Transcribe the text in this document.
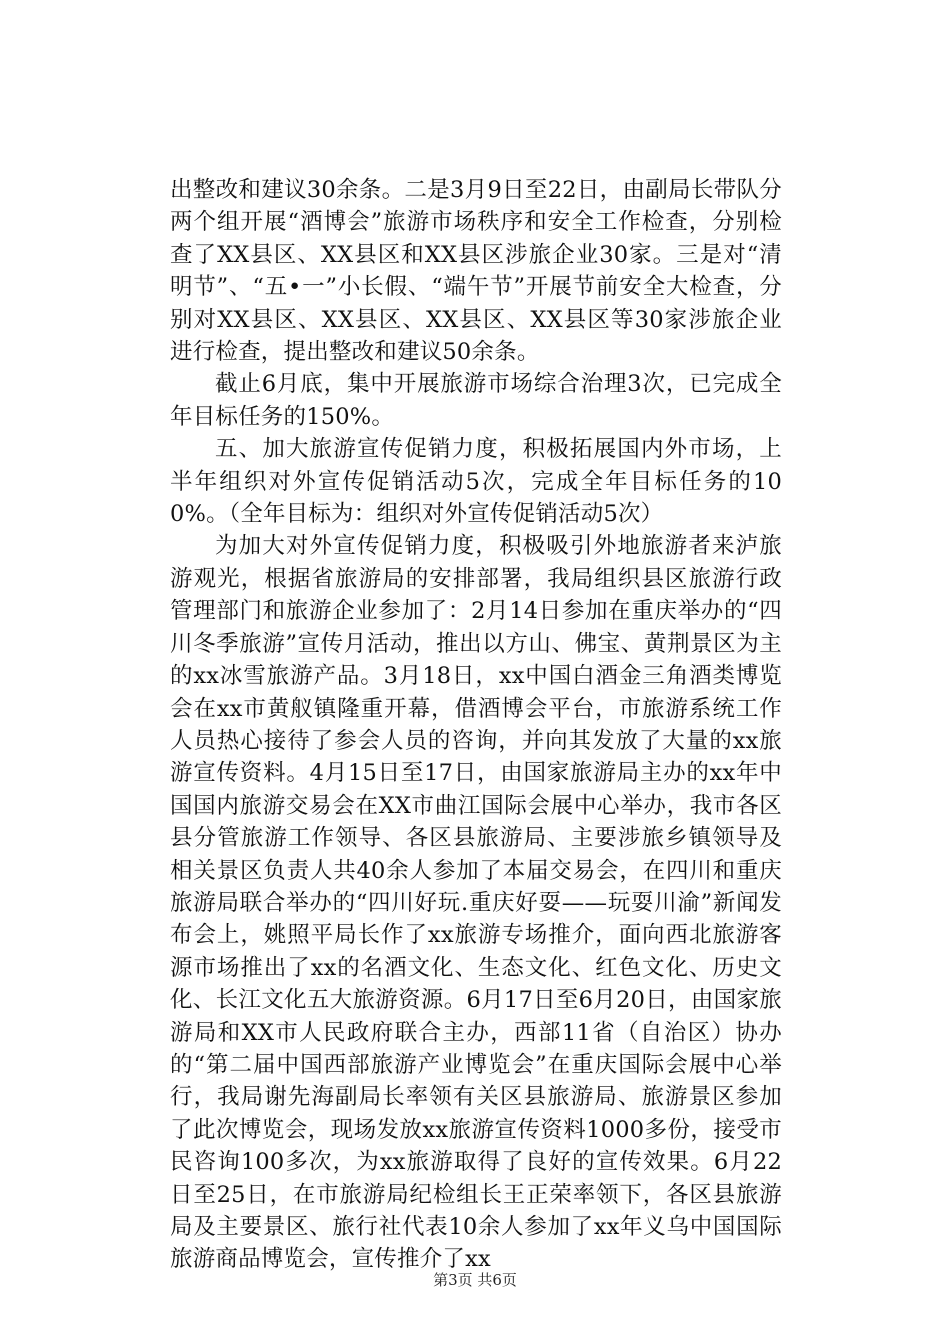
出整改和建议30余条。二是3月9日至22日，由副局长带队分两个组开展“酒博会”旅游市场秩序和安全工作检查，分别检查了XX县区、XX县区和XX县区涉旅企业30家。三是对“清明节”、“五•一”小长假、“端午节”开展节前安全大检查，分别对XX县区、XX县区、XX县区、XX县区等30家涉旅企业进行检查，提出整改和建议50余条。

截止6月底，集中开展旅游市场综合治理3次，已完成全年目标任务的150%。

五、加大旅游宣传促销力度，积极拓展国内外市场，上半年组织对外宣传促销活动5次，完成全年目标任务的100%。（全年目标为：组织对外宣传促销活动5次）

为加大对外宣传促销力度，积极吸引外地旅游者来泸旅游观光，根据省旅游局的安排部署，我局组织县区旅游行政管理部门和旅游企业参加了：2月14日参加在重庆举办的“四川冬季旅游”宣传月活动，推出以方山、佛宝、黄荆景区为主的xx冰雪旅游产品。3月18日，xx中国白酒金三角酒类博览会在xx市黄舣镇隆重开幕，借酒博会平台，市旅游系统工作人员热心接待了参会人员的咨询，并向其发放了大量的xx旅游宣传资料。4月15日至17日，由国家旅游局主办的xx年中国国内旅游交易会在XX市曲江国际会展中心举办，我市各区县分管旅游工作领导、各区县旅游局、主要涉旅乡镇领导及相关景区负责人共40余人参加了本届交易会，在四川和重庆旅游局联合举办的“四川好玩.重庆好耍——玩耍川渝”新闻发布会上，姚照平局长作了xx旅游专场推介，面向西北旅游客源市场推出了xx的名酒文化、生态文化、红色文化、历史文化、长江文化五大旅游资源。6月17日至6月20日，由国家旅游局和XX市人民政府联合主办，西部11省（自治区）协办的“第二届中国西部旅游产业博览会”在重庆国际会展中心举行，我局谢先海副局长率领有关区县旅游局、旅游景区参加了此次博览会，现场发放xx旅游宣传资料1000多份，接受市民咨询100多次，为xx旅游取得了良好的宣传效果。6月22日至25日，在市旅游局纪检组长王正荣率领下，各区县旅游局及主要景区、旅行社代表10余人参加了xx年义乌中国国际旅游商品博览会，宣传推介了xx

第3页 共6页
